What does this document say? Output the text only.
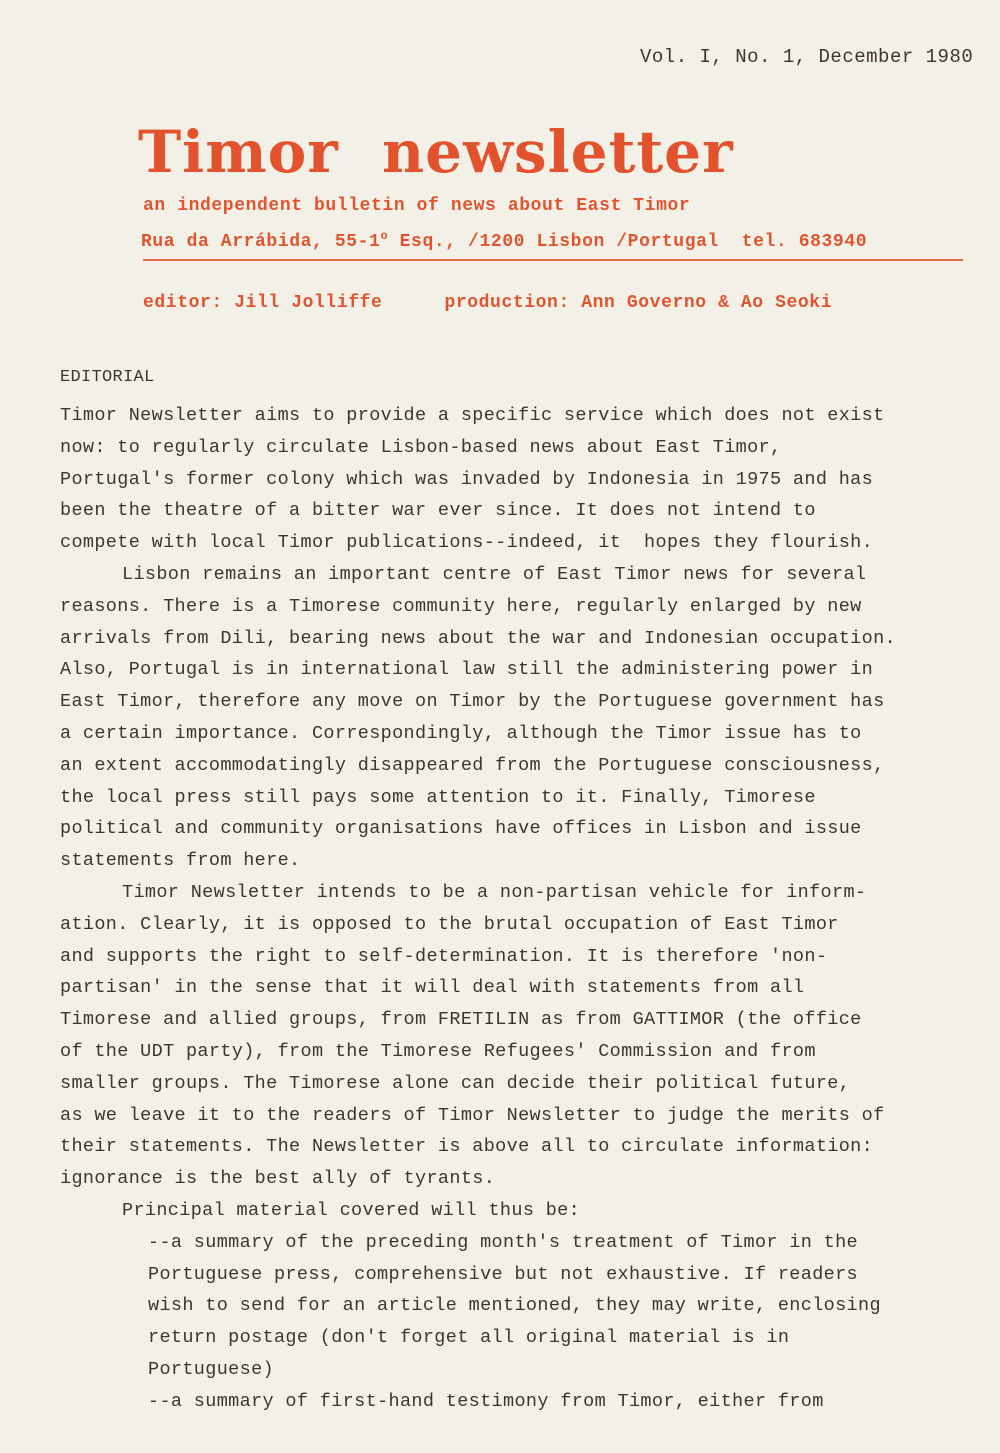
Vol. I, No. 1, December 1980
Timor newsletter
an independent bulletin of news about East Timor
Rua da Arrábida, 55-1$^o$ Esq., /1200 Lisbon /Portugal  tel. 683940
editor: Jill Jolliffe	production: Ann Governo & Ao Seoki
EDITORIAL
Timor Newsletter aims to provide a specific service which does not exist
now: to regularly circulate Lisbon-based news about East Timor,
Portugal's former colony which was invaded by Indonesia in 1975 and has
been the theatre of a bitter war ever since. It does not intend to
compete with local Timor publications--indeed, it  hopes they flourish.
Lisbon remains an important centre of East Timor news for several
reasons. There is a Timorese community here, regularly enlarged by new
arrivals from Dili, bearing news about the war and Indonesian occupation.
Also, Portugal is in international law still the administering power in
East Timor, therefore any move on Timor by the Portuguese government has
a certain importance. Correspondingly, although the Timor issue has to
an extent accommodatingly disappeared from the Portuguese consciousness,
the local press still pays some attention to it. Finally, Timorese
political and community organisations have offices in Lisbon and issue
statements from here.
Timor Newsletter intends to be a non-partisan vehicle for inform-
ation. Clearly, it is opposed to the brutal occupation of East Timor
and supports the right to self-determination. It is therefore 'non-
partisan' in the sense that it will deal with statements from all
Timorese and allied groups, from FRETILIN as from GATTIMOR (the office
of the UDT party), from the Timorese Refugees' Commission and from
smaller groups. The Timorese alone can decide their political future,
as we leave it to the readers of Timor Newsletter to judge the merits of
their statements. The Newsletter is above all to circulate information:
ignorance is the best ally of tyrants.
Principal material covered will thus be:
--a summary of the preceding month's treatment of Timor in the
Portuguese press, comprehensive but not exhaustive. If readers
wish to send for an article mentioned, they may write, enclosing
return postage (don't forget all original material is in
Portuguese)
--a summary of first-hand testimony from Timor, either from
